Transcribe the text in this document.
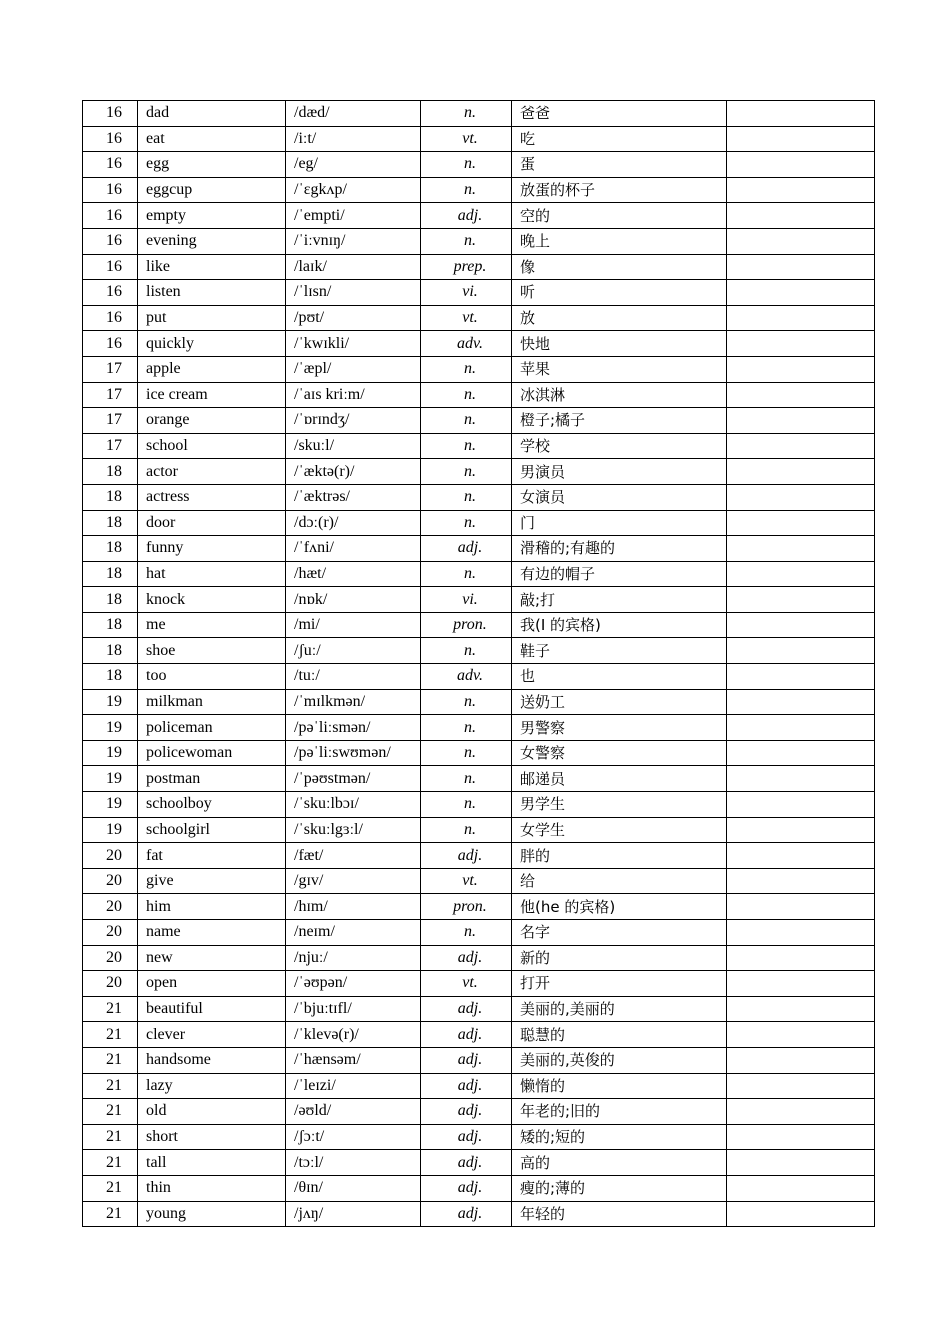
16	dad	/dæd/	n.	爸爸	
16	eat	/iːt/	vt.	吃	
16	egg	/eg/	n.	蛋	
16	eggcup	/ˈɛgkʌp/	n.	放蛋的杯子	
16	empty	/ˈempti/	adj.	空的	
16	evening	/ˈiːvnɪŋ/	n.	晚上	
16	like	/laɪk/	prep.	像	
16	listen	/ˈlɪsn/	vi.	听	
16	put	/pʊt/	vt.	放	
16	quickly	/ˈkwɪkli/	adv.	快地	
17	apple	/ˈæpl/	n.	苹果	
17	ice cream	/ˈaɪs kriːm/	n.	冰淇淋	
17	orange	/ˈɒrɪndʒ/	n.	橙子;橘子	
17	school	/skuːl/	n.	学校	
18	actor	/ˈæktə(r)/	n.	男演员	
18	actress	/ˈæktrəs/	n.	女演员	
18	door	/dɔː(r)/	n.	门	
18	funny	/ˈfʌni/	adj.	滑稽的;有趣的	
18	hat	/hæt/	n.	有边的帽子	
18	knock	/nɒk/	vi.	敲;打	
18	me	/mi/	pron.	我(I 的宾格)	
18	shoe	/ʃuː/	n.	鞋子	
18	too	/tuː/	adv.	也	
19	milkman	/ˈmɪlkmən/	n.	送奶工	
19	policeman	/pəˈliːsmən/	n.	男警察	
19	policewoman	/pəˈliːswʊmən/	n.	女警察	
19	postman	/ˈpəʊstmən/	n.	邮递员	
19	schoolboy	/ˈskuːlbɔɪ/	n.	男学生	
19	schoolgirl	/ˈskuːlgɜːl/	n.	女学生	
20	fat	/fæt/	adj.	胖的	
20	give	/gɪv/	vt.	给	
20	him	/hɪm/	pron.	他(he 的宾格)	
20	name	/neɪm/	n.	名字	
20	new	/njuː/	adj.	新的	
20	open	/ˈəʊpən/	vt.	打开	
21	beautiful	/ˈbjuːtɪfl/	adj.	美丽的,美丽的	
21	clever	/ˈklevə(r)/	adj.	聪慧的	
21	handsome	/ˈhænsəm/	adj.	美丽的,英俊的	
21	lazy	/ˈleɪzi/	adj.	懒惰的	
21	old	/əʊld/	adj.	年老的;旧的	
21	short	/ʃɔːt/	adj.	矮的;短的	
21	tall	/tɔːl/	adj.	高的	
21	thin	/θɪn/	adj.	瘦的;薄的	
21	young	/jʌŋ/	adj.	年轻的	
